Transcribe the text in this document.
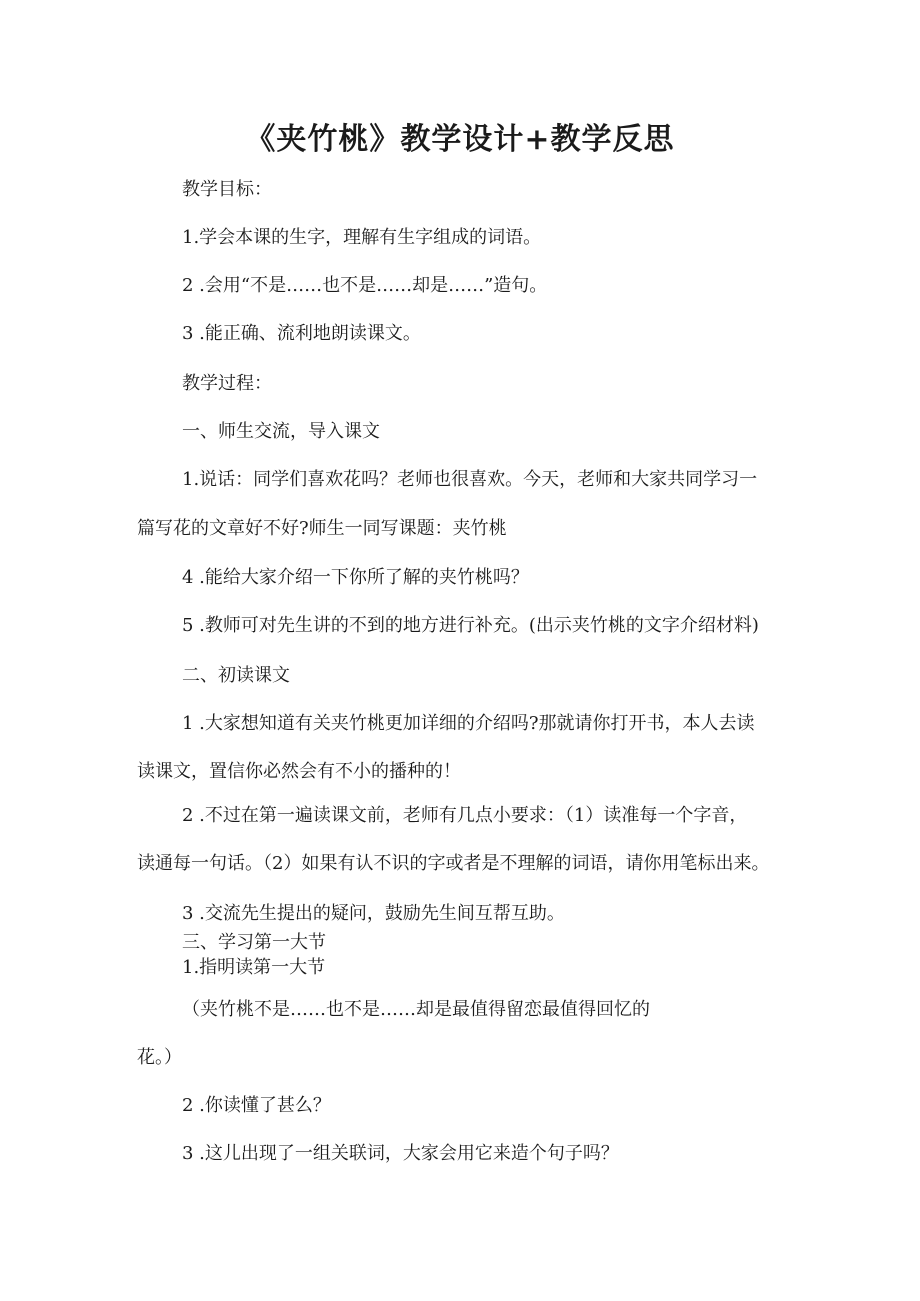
《夹竹桃》教学设计+教学反思

教学目标：

1.学会本课的生字，理解有生字组成的词语。

2 .会用“不是……也不是……却是……”造句。

3 .能正确、流利地朗读课文。

教学过程：

一、师生交流，导入课文

1.说话：同学们喜欢花吗？老师也很喜欢。今天，老师和大家共同学习一

篇写花的文章好不好?师生一同写课题：夹竹桃

4 .能给大家介绍一下你所了解的夹竹桃吗？

5 .教师可对先生讲的不到的地方进行补充。(出示夹竹桃的文字介绍材料)

二、初读课文

1 .大家想知道有关夹竹桃更加详细的介绍吗?那就请你打开书，本人去读

读课文，置信你必然会有不小的播种的！

2 .不过在第一遍读课文前，老师有几点小要求：（1）读准每一个字音，

读通每一句话。（2）如果有认不识的字或者是不理解的词语，请你用笔标出来。

3 .交流先生提出的疑问，鼓励先生间互帮互助。

三、学习第一大节

1.指明读第一大节

（夹竹桃不是……也不是……却是最值得留恋最值得回忆的

花。）

2 .你读懂了甚么？

3 .这儿出现了一组关联词，大家会用它来造个句子吗？
